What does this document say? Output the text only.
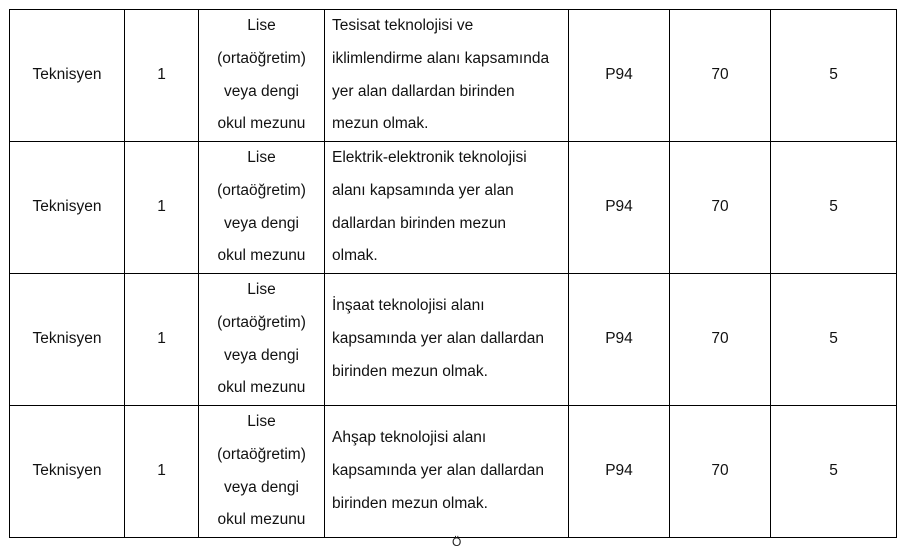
Teknisyen	1	Lise
(ortaöğretim)
veya dengi
okul mezunu	Tesisat teknolojisi ve
iklimlendirme alanı kapsamında
yer alan dallardan birinden
mezun olmak.	P94	70	5
Teknisyen	1	Lise
(ortaöğretim)
veya dengi
okul mezunu	Elektrik-elektronik teknolojisi
alanı kapsamında yer alan
dallardan birinden mezun
olmak.	P94	70	5
Teknisyen	1	Lise
(ortaöğretim)
veya dengi
okul mezunu	İnşaat teknolojisi alanı
kapsamında yer alan dallardan
birinden mezun olmak.	P94	70	5
Teknisyen	1	Lise
(ortaöğretim)
veya dengi
okul mezunu	Ahşap teknolojisi alanı
kapsamında yer alan dallardan
birinden mezun olmak.	P94	70	5
Ö
